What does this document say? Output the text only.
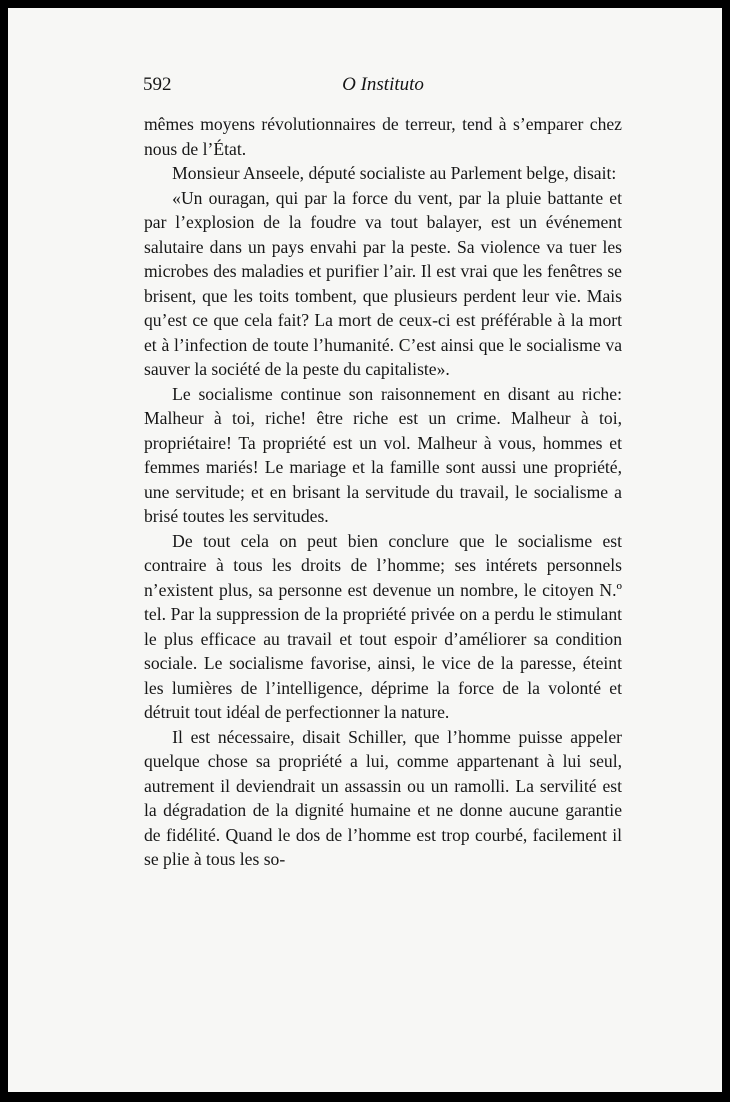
592	O Instituto

mêmes moyens révolutionnaires de terreur, tend à s’emparer chez nous de l’État.

Monsieur Anseele, député socialiste au Parlement belge, disait:

«Un ouragan, qui par la force du vent, par la pluie battante et par l’explosion de la foudre va tout balayer, est un événement salutaire dans un pays envahi par la peste. Sa violence va tuer les microbes des maladies et purifier l’air. Il est vrai que les fenêtres se brisent, que les toits tombent, que plusieurs perdent leur vie. Mais qu’est ce que cela fait? La mort de ceux-ci est préférable à la mort et à l’infection de toute l’humanité. C’est ainsi que le socialisme va sauver la société de la peste du capitaliste».

Le socialisme continue son raisonnement en disant au riche: Malheur à toi, riche! être riche est un crime. Malheur à toi, propriétaire! Ta propriété est un vol. Malheur à vous, hommes et femmes mariés! Le mariage et la famille sont aussi une propriété, une servitude; et en brisant la servitude du travail, le socialisme a brisé toutes les servitudes.

De tout cela on peut bien conclure que le socialisme est contraire à tous les droits de l’homme; ses intérets personnels n’existent plus, sa personne est devenue un nombre, le citoyen N.º tel. Par la suppression de la propriété privée on a perdu le stimulant le plus efficace au travail et tout espoir d’améliorer sa condition sociale. Le socialisme favorise, ainsi, le vice de la paresse, éteint les lumières de l’intelligence, déprime la force de la volonté et détruit tout idéal de perfectionner la nature.

Il est nécessaire, disait Schiller, que l’homme puisse appeler quelque chose sa propriété a lui, comme appartenant à lui seul, autrement il deviendrait un assassin ou un ramolli. La servilité est la dégradation de la dignité humaine et ne donne aucune garantie de fidélité. Quand le dos de l’homme est trop courbé, facilement il se plie à tous les so-
